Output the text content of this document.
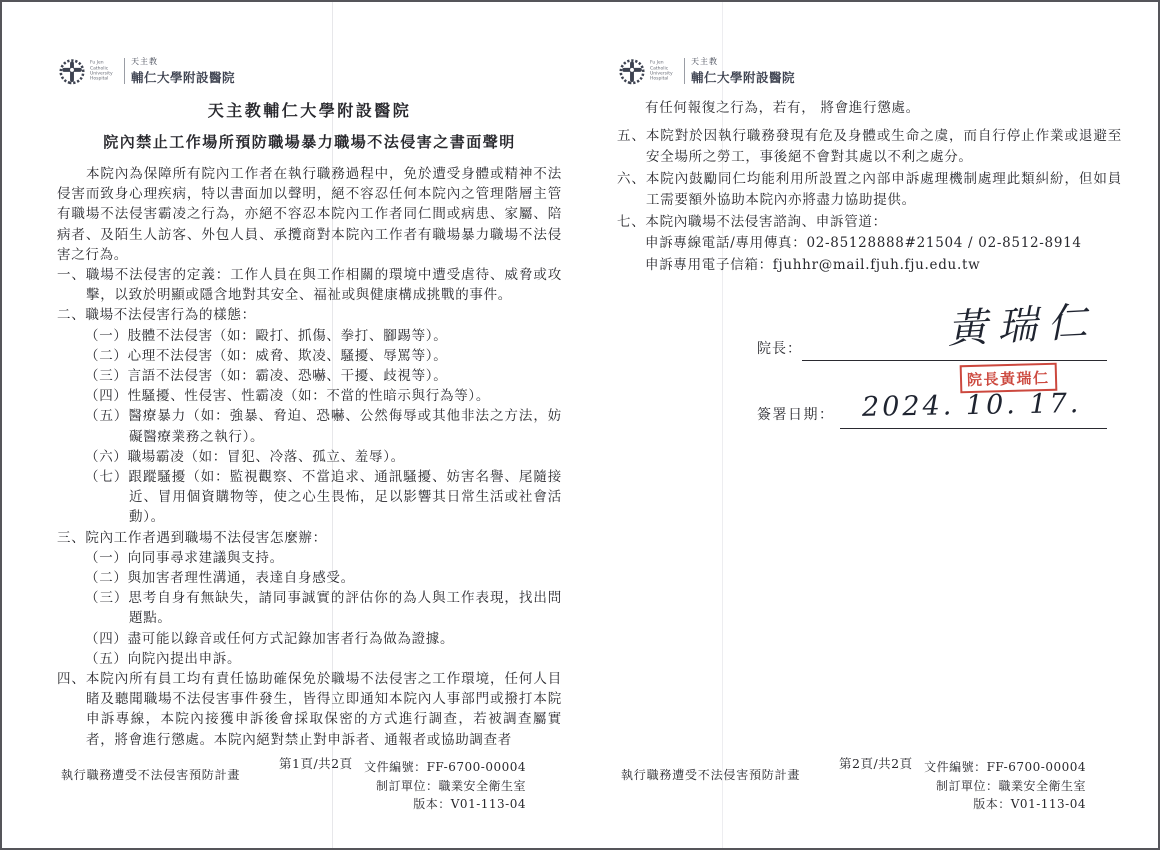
Fu Jen
Catholic
University
Hospital
天主教
輔仁大學附設醫院
天主教輔仁大學附設醫院
院內禁止工作場所預防職場暴力職場不法侵害之書面聲明

本院內為保障所有院內工作者在執行職務過程中，免於遭受身體或精神不法侵害而致身心理疾病，特以書面加以聲明，絕不容忍任何本院內之管理階層主管有職場不法侵害霸凌之行為，亦絕不容忍本院內工作者同仁間或病患、家屬、陪病者、及陌生人訪客、外包人員、承攬商對本院內工作者有職場暴力職場不法侵害之行為。

一、職場不法侵害的定義：工作人員在與工作相關的環境中遭受虐待、威脅或攻擊，以致於明顯或隱含地對其安全、福祉或與健康構成挑戰的事件。
二、職場不法侵害行為的樣態：
（一）肢體不法侵害（如：毆打、抓傷、拳打、腳踢等）。
（二）心理不法侵害（如：威脅、欺凌、騷擾、辱罵等）。
（三）言語不法侵害（如：霸凌、恐嚇、干擾、歧視等）。
（四）性騷擾、性侵害、性霸凌（如：不當的性暗示與行為等）。
（五）醫療暴力（如：強暴、脅迫、恐嚇、公然侮辱或其他非法之方法，妨礙醫療業務之執行）。
（六）職場霸凌（如：冒犯、冷落、孤立、羞辱）。
（七）跟蹤騷擾（如：監視觀察、不當追求、通訊騷擾、妨害名譽、尾隨接近、冒用個資購物等，使之心生畏怖，足以影響其日常生活或社會活動）。
三、院內工作者遇到職場不法侵害怎麼辦：
（一）向同事尋求建議與支持。
（二）與加害者理性溝通，表達自身感受。
（三）思考自身有無缺失，請同事誠實的評估你的為人與工作表現，找出問題點。
（四）盡可能以錄音或任何方式記錄加害者行為做為證據。
（五）向院內提出申訴。
四、本院內所有員工均有責任協助確保免於職場不法侵害之工作環境，任何人目睹及聽聞職場不法侵害事件發生，皆得立即通知本院內人事部門或撥打本院申訴專線，本院內接獲申訴後會採取保密的方式進行調查，若被調查屬實者，將會進行懲處。本院內絕對禁止對申訴者、通報者或協助調查者
執行職務遭受不法侵害預防計畫
第1頁/共2頁 文件編號：FF-6700-00004
制訂單位：職業安全衛生室
版本：V01-113-04
Fu Jen
Catholic
University
Hospital
天主教
輔仁大學附設醫院
有任何報復之行為，若有， 將會進行懲處。
五、本院對於因執行職務發現有危及身體或生命之虞，而自行停止作業或退避至安全場所之勞工，事後絕不會對其處以不利之處分。
六、本院內鼓勵同仁均能利用所設置之內部申訴處理機制處理此類糾紛，但如員工需要額外協助本院內亦將盡力協助提供。
七、本院內職場不法侵害諮詢、申訴管道：
申訴專線電話/專用傳真：02-85128888#21504 / 02-8512-8914
申訴專用電子信箱：fjuhhr@mail.fjuh.fju.edu.tw
院長：	黃瑞仁
院長黃瑞仁
簽署日期： 2024. 10. 17.
執行職務遭受不法侵害預防計畫
第2頁/共2頁 文件編號：FF-6700-00004
制訂單位：職業安全衛生室
版本：V01-113-04
